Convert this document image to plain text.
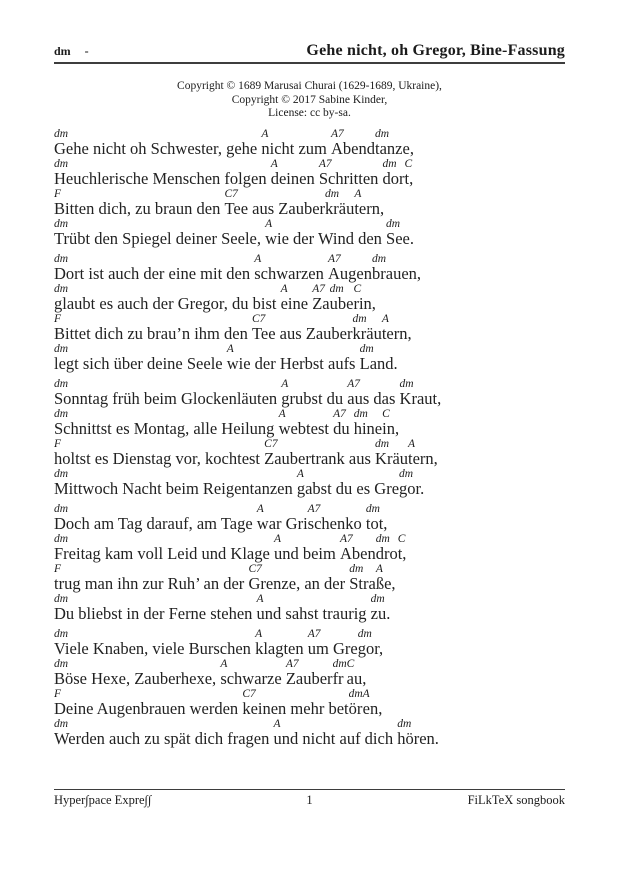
dm -	Gehe nicht, oh Gregor, Bine-Fassung
Copyright © 1689 Marusai Churai (1629-1689, Ukraine),
Copyright © 2017 Sabine Kinder,
License: cc by-sa.
dm
Gehe nicht oh Schwester, gehe
A
nicht zum
A7
Abend
dm
tanze,
dm
Heuchlerische Menschen folgen
A
deinen
A7
Schritten
dm
dor
C
t,
F
Bitten dich, zu braun den
C7
Tee aus Zauber
dm
kräu
A
tern,
dm
Trübt den Spiegel deiner Seele,
A
wie der Wind den
dm
See.
dm
Dort ist auch der eine mit den
A
schwarzen
A7
Augen
dm
brauen,
dm
glaubt es auch der Gregor, du bist
A
eine
A7
Za
dm
ube
C
rin,
F
Bittet dich zu brau’n ihm den
C7
Tee aus Zauber
dm
kräu
A
tern,
dm
legt sich über deine Seele
A
wie der Herbst aufs
dm
Land.
dm
Sonntag früh beim Glockenläuten
A
grubst du
A7
aus das
dm
Kraut,
dm
Schnittst es Montag, alle Heilung
A
webtest
A7
du
dm
hine
C
in,
F
holtst es Dienstag vor, kochtest
C7
Zaubertrank aus
dm
Kräu
A
tern,
dm
Mittwoch Nacht beim Reigentanzen
A
gabst du es Gre
dm
gor.
dm
Doch am Tag darauf, am Tage
A
war Gri
A7
schenko
dm
tot,
dm
Freitag kam voll Leid und Klage
A
und beim
A7
Aben
dm
dro
C
t,
F
trug man ihn zur Ruh’ an der
C7
Grenze, an der
dm
Stra
A
ße,
dm
Du bliebst in der Ferne stehen
A
und sahst traurig
dm
zu.
dm
Viele Knaben, viele Burschen
A
klagten
A7
um Gre
dm
gor,
dm
Böse Hexe, Zauberhexe,
A
schwarze
A7
Zauber
dm
fr
C
au,
F
Deine Augenbrauen werden
C7
keinen mehr bet
dm
ör
A
en,
dm
Werden auch zu spät dich fragen
A
und nicht auf dich
dm
hören.
Hyper∫pace Expre∫∫	1	FiLkTeX songbook
